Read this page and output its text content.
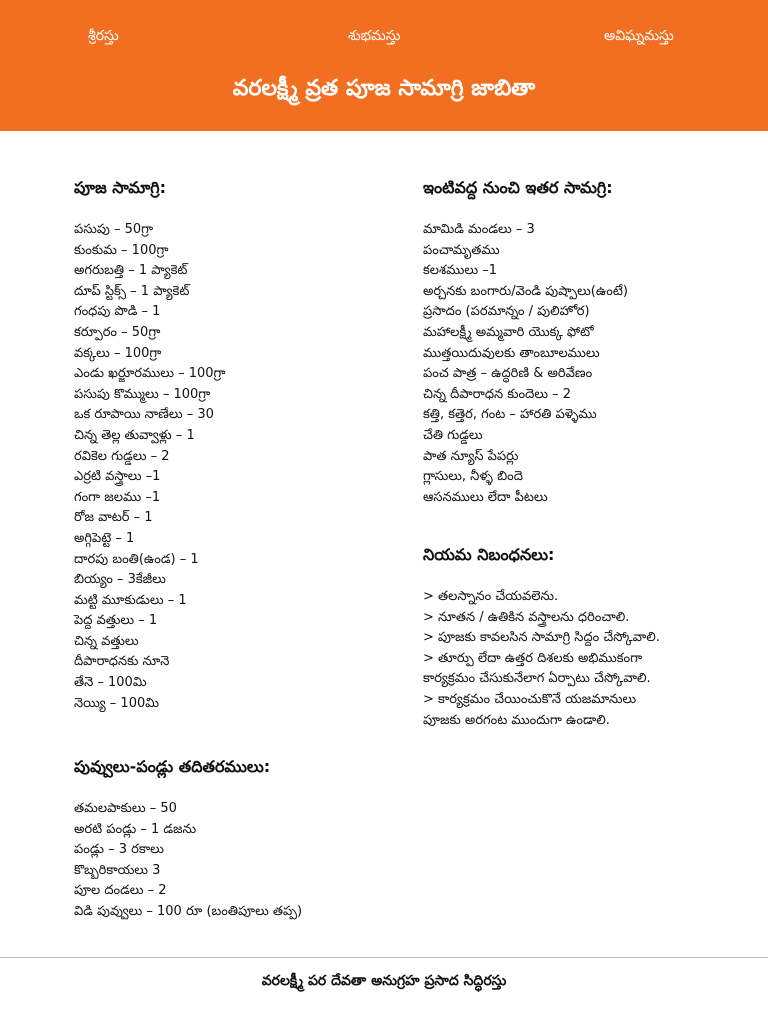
శ్రీరస్తు	శుభమస్తు	అవిఘ్నమస్తు
వరలక్ష్మీ వ్రత పూజ సామాగ్రి జాబితా
పూజ సామాగ్రి:
పసుపు – 50గ్రా
కుంకుమ – 100గ్రా
అగరుబత్తి – 1 ప్యాకెట్
దూప్ స్టిక్స్ – 1 ప్యాకెట్
గంధపు పొడి – 1
కర్పూరం – 50గ్రా
వక్కలు – 100గ్రా
ఎండు ఖర్జూరములు – 100గ్రా
పసుపు కొమ్ములు – 100గ్రా
ఒక రూపాయి నాణేలు – 30
చిన్న తెల్ల తువ్వాళ్లు – 1
రవికెల గుడ్డలు – 2
ఎర్రటి వస్త్రాలు –1
గంగా జలము –1
రోజ వాటర్ – 1
అగ్గిపెట్టె – 1
దారపు బంతి(ఉండ) – 1
బియ్యం – 3కేజీలు
మట్టి మూకుడులు – 1
పెద్ద వత్తులు – 1
చిన్న వత్తులు
దీపారాధనకు నూనె
తేనె – 100మి
నెయ్యి – 100మి
పువ్వులు-పండ్లు తదితరములు:
తమలపాకులు – 50
అరటి పండ్లు – 1 డజను
పండ్లు – 3 రకాలు
కొబ్బరికాయలు 3
పూల దండలు – 2
విడి పువ్వులు – 100 రూ (బంతిపూలు తప్ప)
ఇంటివద్ద నుంచి ఇతర సామగ్రి:
మామిడి మండలు – 3
పంచామృతము
కలశములు –1
అర్చనకు బంగారు/వెండి పుష్పాలు(ఉంటే)
ప్రసాదం (పరమాన్నం / పులిహోర)
మహాలక్ష్మీ అమ్మవారి యొక్క ఫోటో
ముత్తయిదువులకు తాంబూలములు
పంచ పాత్ర – ఉద్ధరిణి & అరివేణం
చిన్న దీపారాధన కుందెలు – 2
కత్తి, కత్తెర, గంట – హారతి పళ్ళెము
చేతి గుడ్డలు
పాత న్యూస్ పేపర్లు
గ్లాసులు, నీళ్ళ బిందె
ఆసనములు లేదా పీటలు
నియమ నిబంధనలు:
> తలస్నానం చేయవలెను.
> నూతన / ఉతికిన వస్త్రాలను ధరించాలి.
> పూజకు కావలసిన సామాగ్రి సిద్దం చేస్కోవాలి.
> తూర్పు లేదా ఉత్తర దిశలకు అభిముకంగా
కార్యక్రమం చేసుకునేలాగ ఏర్పాటు చేస్కోవాలి.
> కార్యక్రమం చేయించుకొనే యజమానులు
పూజకు అరగంట ముందుగా ఉండాలి.
వరలక్ష్మీ పర దేవతా అనుగ్రహ ప్రసాద సిద్ధిరస్తు
